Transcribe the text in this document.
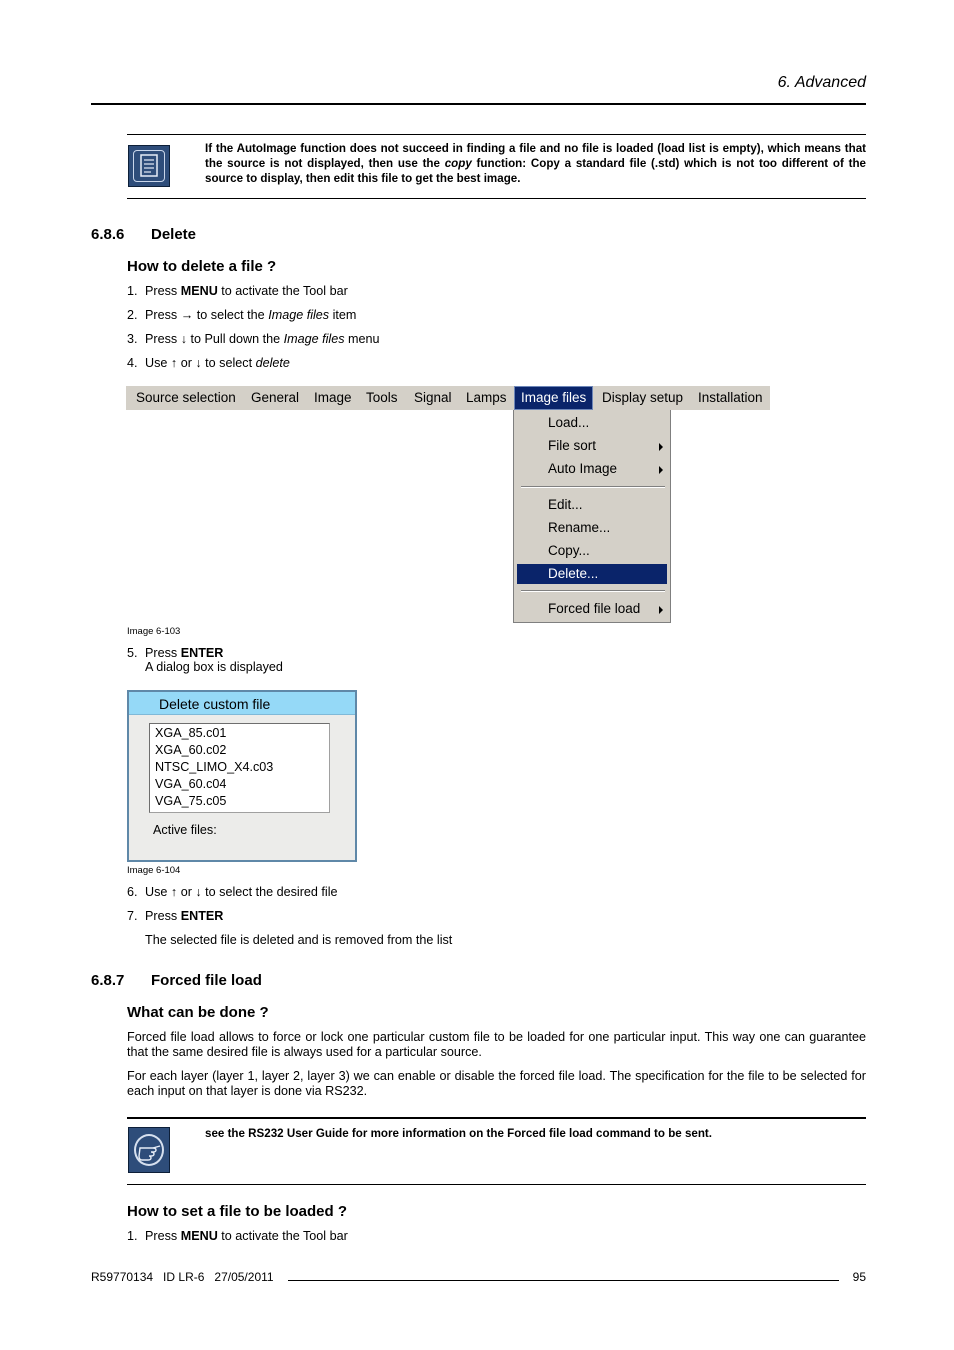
6. Advanced
If the AutoImage function does not succeed in finding a file and no file is loaded (load list is empty), which means that the source is not displayed, then use the copy function: Copy a standard file (.std) which is not too different of the source to display, then edit this file to get the best image.
6.8.6 Delete
How to delete a file ?
1. Press MENU to activate the Tool bar
2. Press → to select the Image files item
3. Press ↓ to Pull down the Image files menu
4. Use ↑ or ↓ to select delete
Source selection General Image Tools Signal Lamps	Image files	Display setup Installation
Load...
File sort
Auto Image
Edit...
Rename...
Copy...
Delete...
Forced file load
Image 6-103
5. Press ENTER
A dialog box is displayed
Delete custom file
XGA_85.c01
XGA_60.c02
NTSC_LIMO_X4.c03
VGA_60.c04
VGA_75.c05
Active files:
Image 6-104
6. Use ↑ or ↓ to select the desired file
7. Press ENTER
The selected file is deleted and is removed from the list
6.8.7 Forced file load
What can be done ?
Forced file load allows to force or lock one particular custom file to be loaded for one particular input. This way one can guarantee that the same desired file is always used for a particular source.
For each layer (layer 1, layer 2, layer 3) we can enable or disable the forced file load. The specification for the file to be selected for each input on that layer is done via RS232.
see the RS232 User Guide for more information on the Forced file load command to be sent.
How to set a file to be loaded ?
1. Press MENU to activate the Tool bar
R59770134   ID LR-6   27/05/2011	95
